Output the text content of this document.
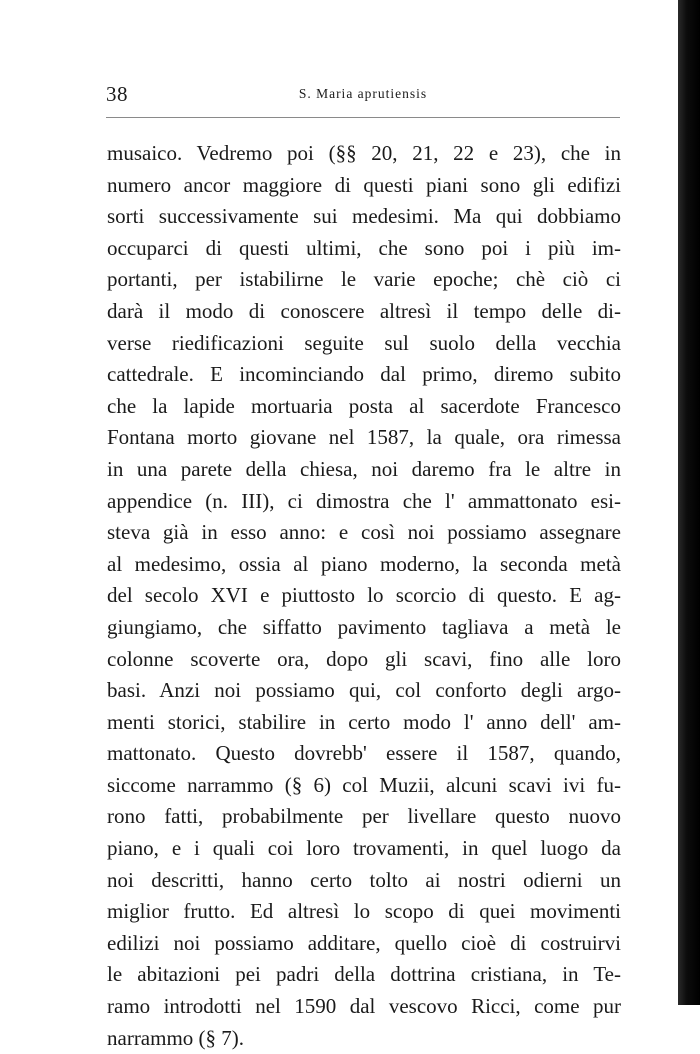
38	S. Maria aprutiensis
musaico. Vedremo poi (§§ 20, 21, 22 e 23), che in
numero ancor maggiore di questi piani sono gli edifizi
sorti successivamente sui medesimi. Ma qui dobbiamo
occuparci di questi ultimi, che sono poi i più im-
portanti, per istabilirne le varie epoche; chè ciò ci
darà il modo di conoscere altresì il tempo delle di-
verse riedificazioni seguite sul suolo della vecchia
cattedrale. E incominciando dal primo, diremo subito
che la lapide mortuaria posta al sacerdote Francesco
Fontana morto giovane nel 1587, la quale, ora rimessa
in una parete della chiesa, noi daremo fra le altre in
appendice (n. III), ci dimostra che l' ammattonato esi-
steva già in esso anno: e così noi possiamo assegnare
al medesimo, ossia al piano moderno, la seconda metà
del secolo XVI e piuttosto lo scorcio di questo. E ag-
giungiamo, che siffatto pavimento tagliava a metà le
colonne scoverte ora, dopo gli scavi, fino alle loro
basi. Anzi noi possiamo qui, col conforto degli argo-
menti storici, stabilire in certo modo l' anno dell' am-
mattonato. Questo dovrebb' essere il 1587, quando,
siccome narrammo (§ 6) col Muzii, alcuni scavi ivi fu-
rono fatti, probabilmente per livellare questo nuovo
piano, e i quali coi loro trovamenti, in quel luogo da
noi descritti, hanno certo tolto ai nostri odierni un
miglior frutto. Ed altresì lo scopo di quei movimenti
edilizi noi possiamo additare, quello cioè di costruirvi
le abitazioni pei padri della dottrina cristiana, in Te-
ramo introdotti nel 1590 dal vescovo Ricci, come pur
narrammo (§ 7).
